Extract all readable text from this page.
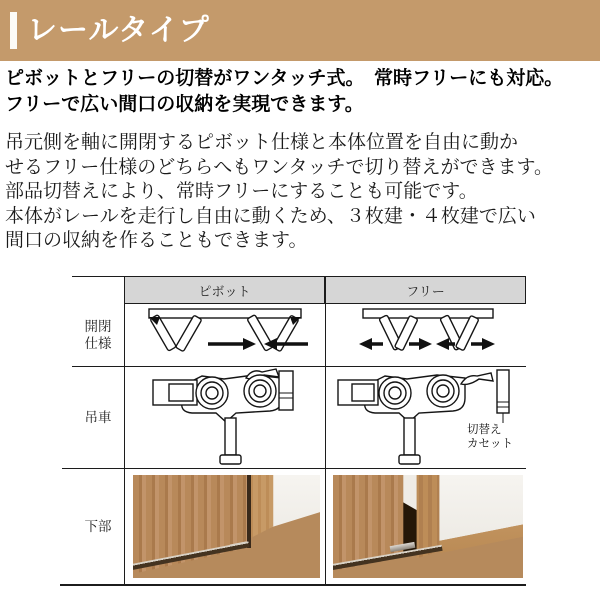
レールタイプ
ピボットとフリーの切替がワンタッチ式。　常時フリーにも対応。
フリーで広い間口の収納を実現できます。
吊元側を軸に開閉するピボット仕様と本体位置を自由に動か
せるフリー仕様のどちらへもワンタッチで切り替えができます。
部品切替えにより、常時フリーにすることも可能です。
本体がレールを走行し自由に動くため、３枚建・４枚建で広い
間口の収納を作ることもできます。
ピボット	フリー
開閉仕様
吊車
下部
切替え
カセット
